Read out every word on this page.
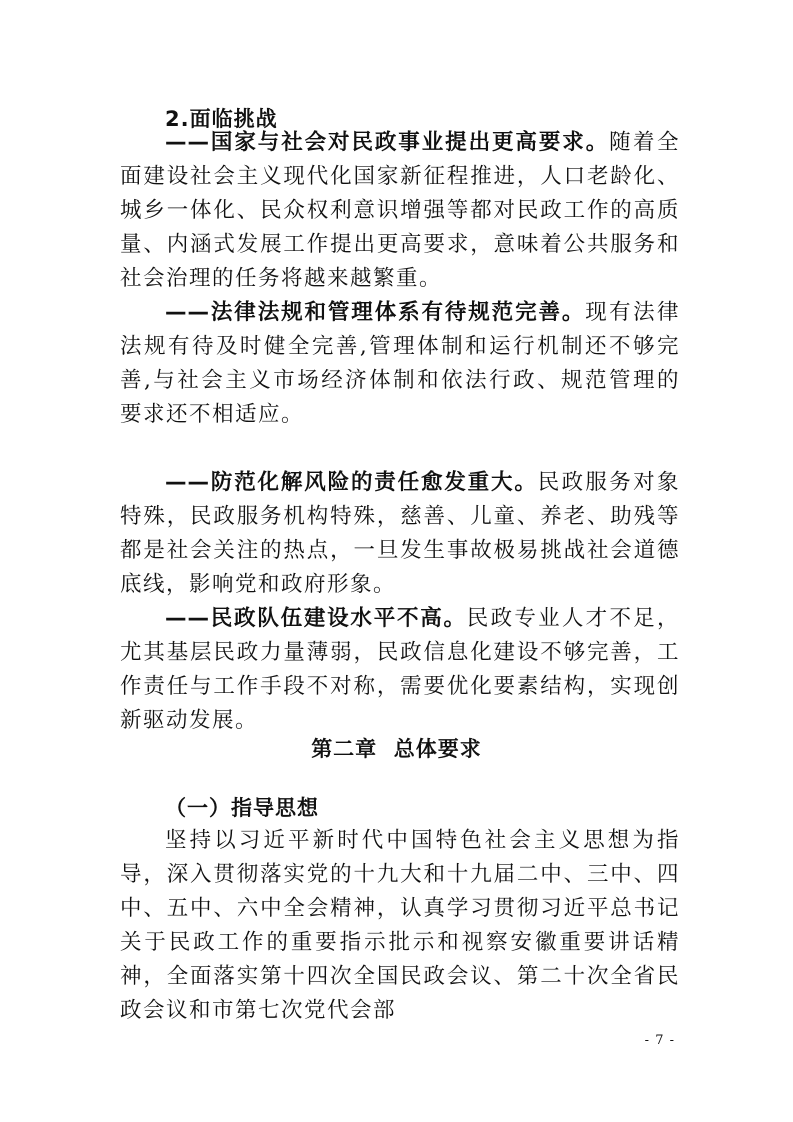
2.面临挑战

——国家与社会对民政事业提出更高要求。随着全面建设社会主义现代化国家新征程推进，人口老龄化、城乡一体化、民众权利意识增强等都对民政工作的高质量、内涵式发展工作提出更高要求，意味着公共服务和社会治理的任务将越来越繁重。

——法律法规和管理体系有待规范完善。现有法律法规有待及时健全完善,管理体制和运行机制还不够完善,与社会主义市场经济体制和依法行政、规范管理的要求还不相适应。

——防范化解风险的责任愈发重大。民政服务对象特殊，民政服务机构特殊，慈善、儿童、养老、助残等都是社会关注的热点，一旦发生事故极易挑战社会道德底线，影响党和政府形象。

——民政队伍建设水平不高。民政专业人才不足，尤其基层民政力量薄弱，民政信息化建设不够完善，工作责任与工作手段不对称，需要优化要素结构，实现创新驱动发展。

第二章  总体要求
（一）指导思想

坚持以习近平新时代中国特色社会主义思想为指导，深入贯彻落实党的十九大和十九届二中、三中、四中、五中、六中全会精神，认真学习贯彻习近平总书记关于民政工作的重要指示批示和视察安徽重要讲话精神，全面落实第十四次全国民政会议、第二十次全省民政会议和市第七次党代会部

- 7 -
